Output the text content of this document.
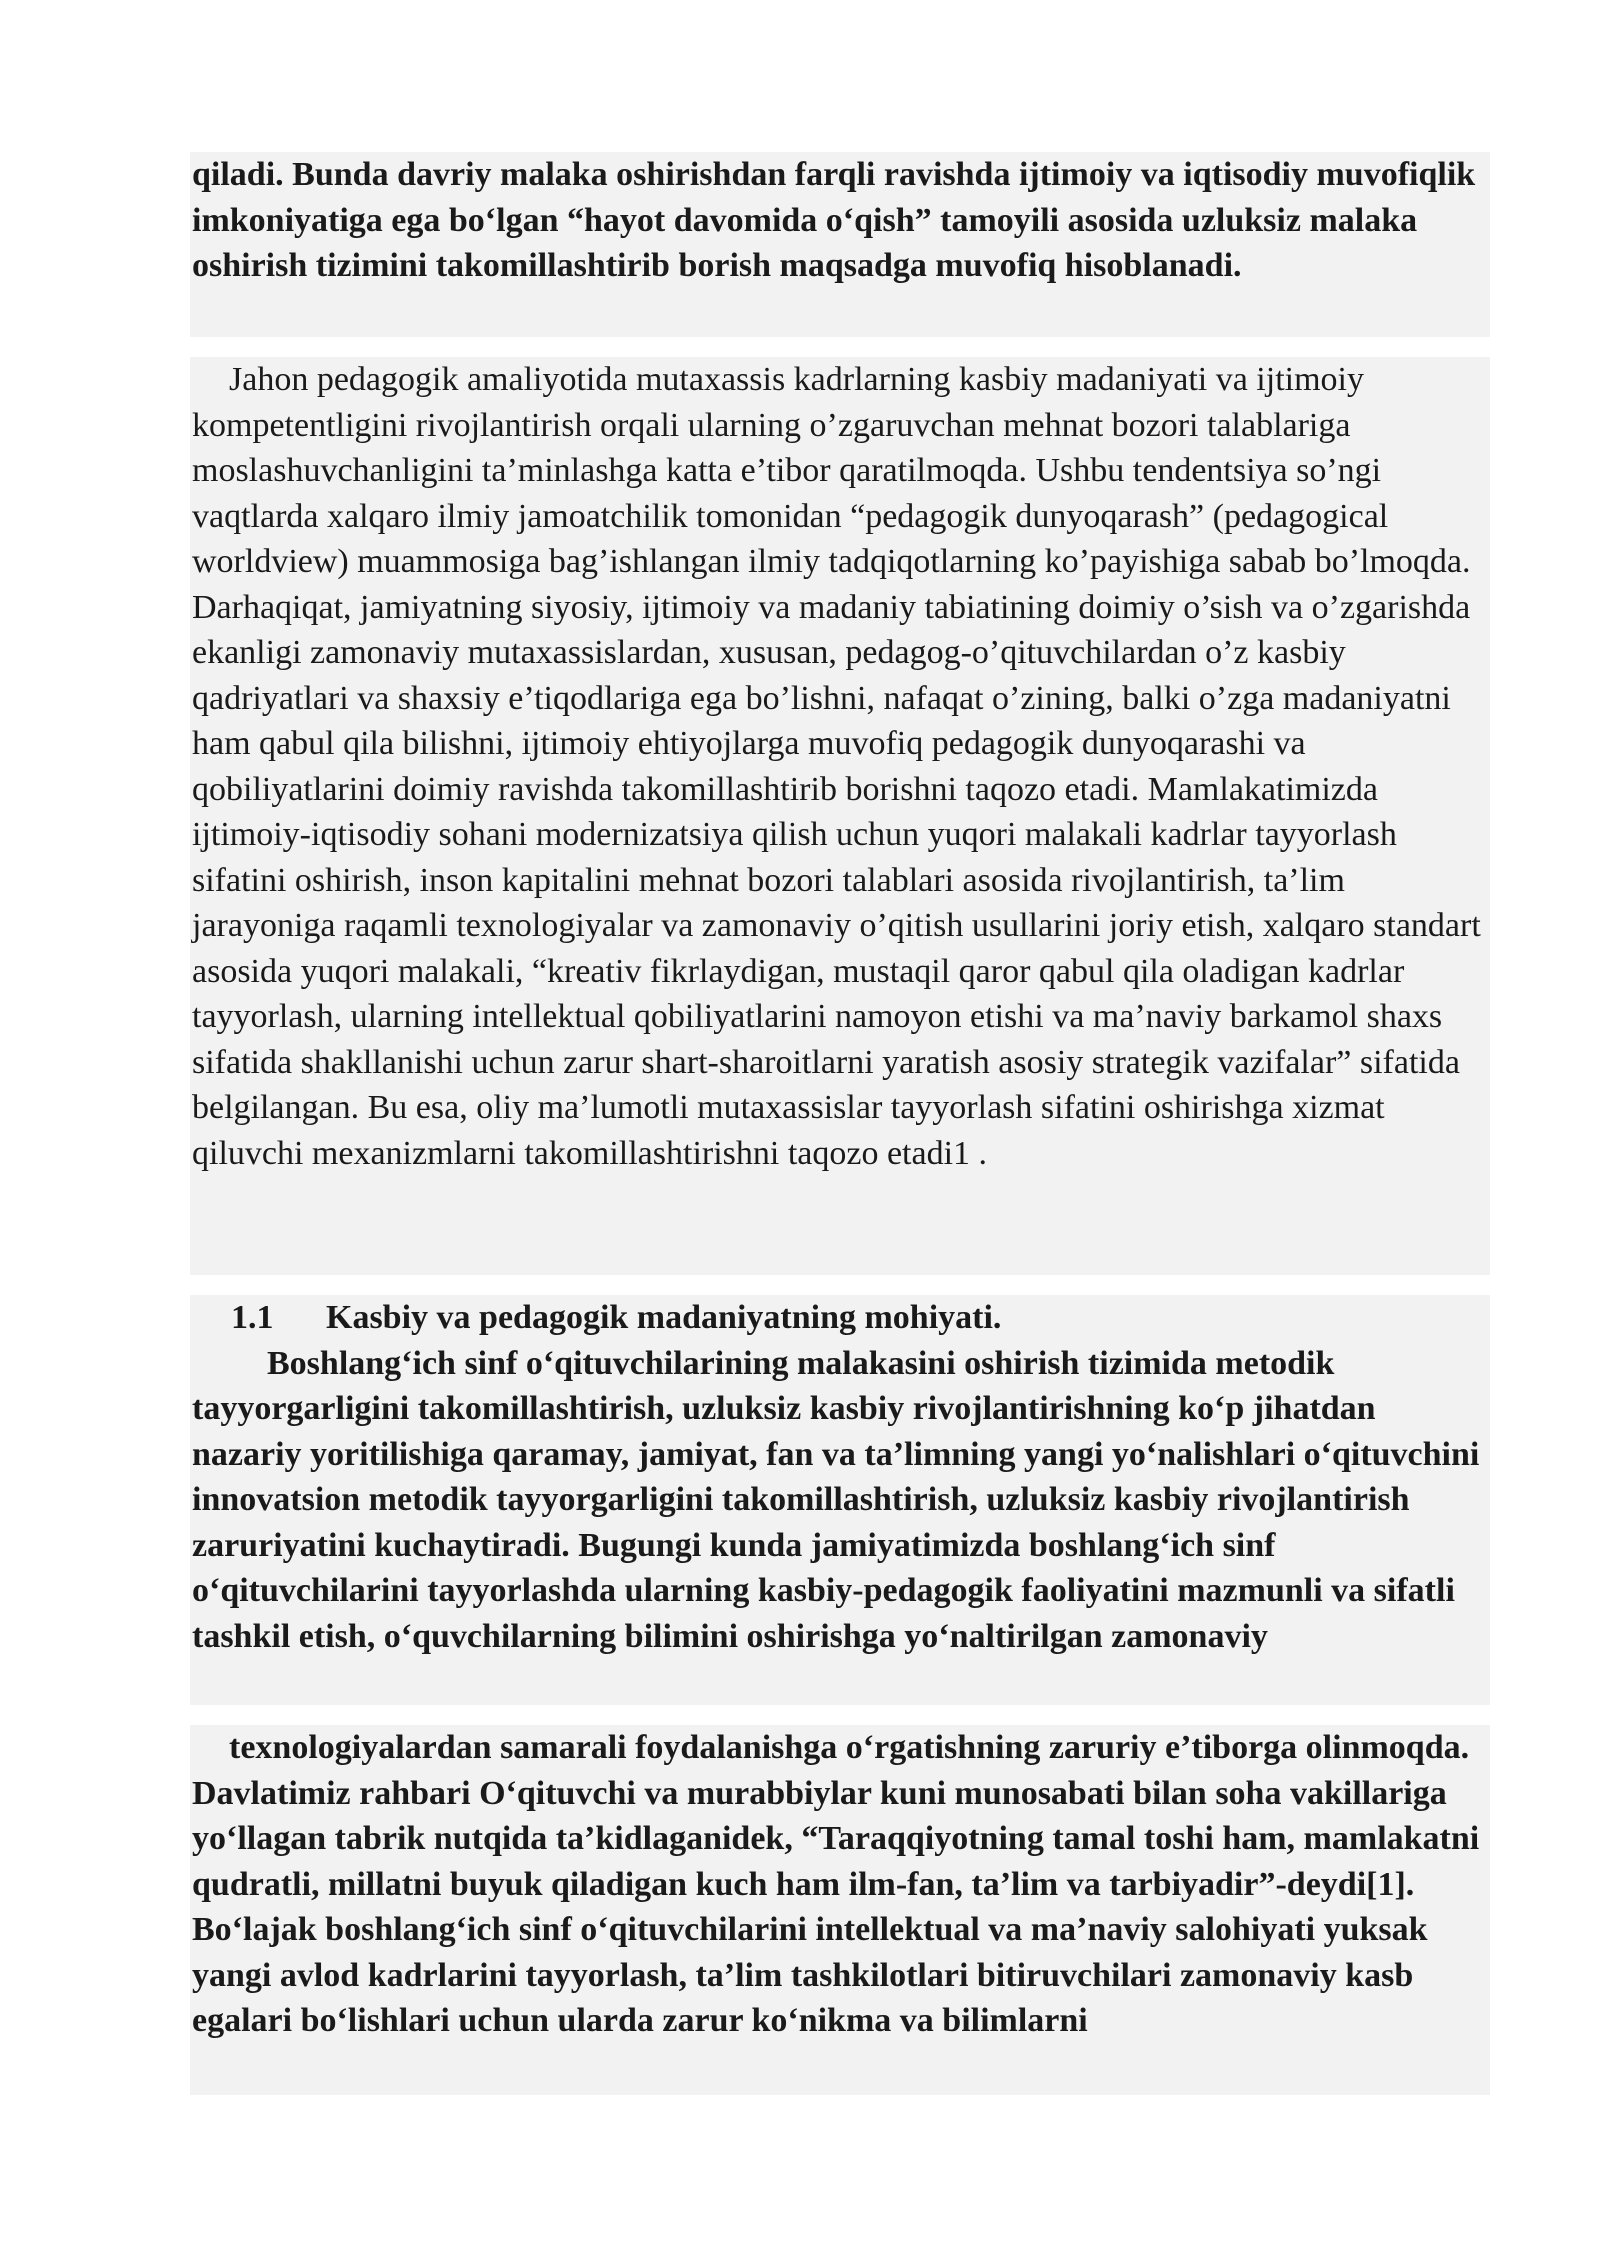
qiladi. Bunda davriy malaka oshirishdan farqli ravishda ijtimoiy va iqtisodiy muvofiqlik imkoniyatiga ega bo‘lgan “hayot davomida o‘qish” tamoyili asosida uzluksiz malaka oshirish tizimini takomillashtirib borish maqsadga muvofiq hisoblanadi.

Jahon pedagogik amaliyotida mutaxassis kadrlarning kasbiy madaniyati va ijtimoiy kompetentligini rivojlantirish orqali ularning o’zgaruvchan mehnat bozori talablariga moslashuvchanligini ta’minlashga katta e’tibor qaratilmoqda. Ushbu tendentsiya so’ngi vaqtlarda xalqaro ilmiy jamoatchilik tomonidan “pedagogik dunyoqarash” (pedagogical worldview) muammosiga bag’ishlangan ilmiy tadqiqotlarning ko’payishiga sabab bo’lmoqda. Darhaqiqat, jamiyatning siyosiy, ijtimoiy va madaniy tabiatining doimiy o’sish va o’zgarishda ekanligi zamonaviy mutaxassislardan, xususan, pedagog-o’qituvchilardan o’z kasbiy qadriyatlari va shaxsiy e’tiqodlariga ega bo’lishni, nafaqat o’zining, balki o’zga madaniyatni ham qabul qila bilishni, ijtimoiy ehtiyojlarga muvofiq pedagogik dunyoqarashi va qobiliyatlarini doimiy ravishda takomillashtirib borishni taqozo etadi. Mamlakatimizda ijtimoiy-iqtisodiy sohani modernizatsiya qilish uchun yuqori malakali kadrlar tayyorlash sifatini oshirish, inson kapitalini mehnat bozori talablari asosida rivojlantirish, ta’lim jarayoniga raqamli texnologiyalar va zamonaviy o’qitish usullarini joriy etish, xalqaro standart asosida yuqori malakali, “kreativ fikrlaydigan, mustaqil qaror qabul qila oladigan kadrlar tayyorlash, ularning intellektual qobiliyatlarini namoyon etishi va ma’naviy barkamol shaxs sifatida shakllanishi uchun zarur shart-sharoitlarni yaratish asosiy strategik vazifalar” sifatida belgilangan. Bu esa, oliy ma’lumotli mutaxassislar tayyorlash sifatini oshirishga xizmat qiluvchi mexanizmlarni takomillashtirishni taqozo etadi1 .

1.1 Kasbiy va pedagogik madaniyatning mohiyati.

Boshlang‘ich sinf o‘qituvchilarining malakasini oshirish tizimida metodik tayyorgarligini takomillashtirish, uzluksiz kasbiy rivojlantirishning ko‘p jihatdan nazariy yoritilishiga qaramay, jamiyat, fan va ta’limning yangi yo‘nalishlari o‘qituvchini innovatsion metodik tayyorgarligini takomillashtirish, uzluksiz kasbiy rivojlantirish zaruriyatini kuchaytiradi. Bugungi kunda jamiyatimizda boshlang‘ich sinf o‘qituvchilarini tayyorlashda ularning kasbiy-pedagogik faoliyatini mazmunli va sifatli tashkil etish, o‘quvchilarning bilimini oshirishga yo‘naltirilgan zamonaviy

texnologiyalardan samarali foydalanishga o‘rgatishning zaruriy e’tiborga olinmoqda. Davlatimiz rahbari O‘qituvchi va murabbiylar kuni munosabati bilan soha vakillariga yo‘llagan tabrik nutqida ta’kidlaganidek, “Taraqqiyotning tamal toshi ham, mamlakatni qudratli, millatni buyuk qiladigan kuch ham ilm-fan, ta’lim va tarbiyadir”-deydi[1]. Bo‘lajak boshlang‘ich sinf o‘qituvchilarini intellektual va ma’naviy salohiyati yuksak yangi avlod kadrlarini tayyorlash, ta’lim tashkilotlari bitiruvchilari zamonaviy kasb egalari bo‘lishlari uchun ularda zarur ko‘nikma va bilimlarni
